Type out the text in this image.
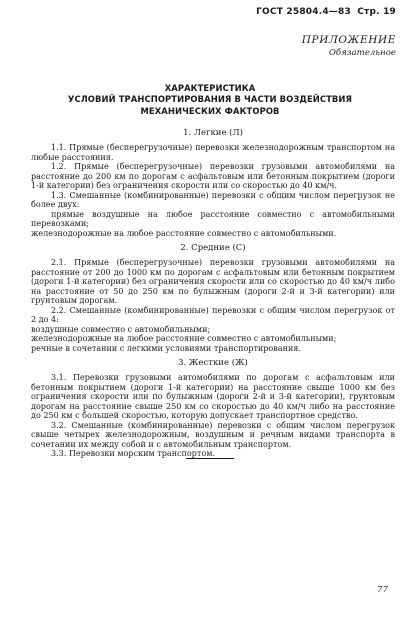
ГОСТ 25804.4—83 Стр. 19
ПРИЛОЖЕНИЕ
Обязательное
ХАРАКТЕРИСТИКА
УСЛОВИЙ ТРАНСПОРТИРОВАНИЯ В ЧАСТИ ВОЗДЕЙСТВИЯ
МЕХАНИЧЕСКИХ ФАКТОРОВ

1. Легкие (Л)

1.1. Прямые (бесперегрузочные) перевозки железнодорожным транспортом на любые расстояния.

1.2. Прямые (бесперегрузочные) перевозки грузовыми автомобилями на расстояние до 200 км по дорогам с асфальтовым или бетонным покрытием (дороги 1-й категории) без ограничения скорости или со скоростью до 40 км/ч.

1.3. Смешанные (комбинированные) перевозки с общим числом перегрузок не более двух:

прямые воздушные на любое расстояние совместно с автомобильными перевозками;

железнодорожные на любое расстояние совместно с автомобильными.

2. Средние (С)

2.1. Прямые (бесперегрузочные) перевозки грузовыми автомобилями на расстояние от 200 до 1000 км по дорогам с асфальтовым или бетонным покрытием (дороги 1-й категории) без ограничения скорости или со скоростью до 40 км/ч либо на расстояние от 50 до 250 км по булыжным (дороги 2-й и 3-й категории) или грунтовым дорогам.

2.2. Смешанные (комбинированные) перевозки с общим числом перегрузок от 2 до 4:

воздушные совместно с автомобильными;

железнодорожные на любое расстояние совместно с автомобильными;

речные в сочетании с легкими условиями транспортирования.

3. Жесткие (Ж)

3.1. Перевозки грузовыми автомобилями по дорогам с асфальтовым или бетонным покрытием (дороги 1-й категории) на расстояние свыше 1000 км без ограничения скорости или по булыжным (дороги 2-й и 3-й категории), грунтовым дорогам на расстояние свыше 250 км со скоростью до 40 км/ч либо на расстояние до 250 км с большей скоростью, которую допускает транспортное средство.

3.2. Смешанные (комбинированные) перевозки с общим числом перегрузок свыше четырех железнодорожным, воздушным и речным видами транспорта в сочетании их между собой и с автомобильным транспортом.

3.3. Перевозки морским транспортом.

77
